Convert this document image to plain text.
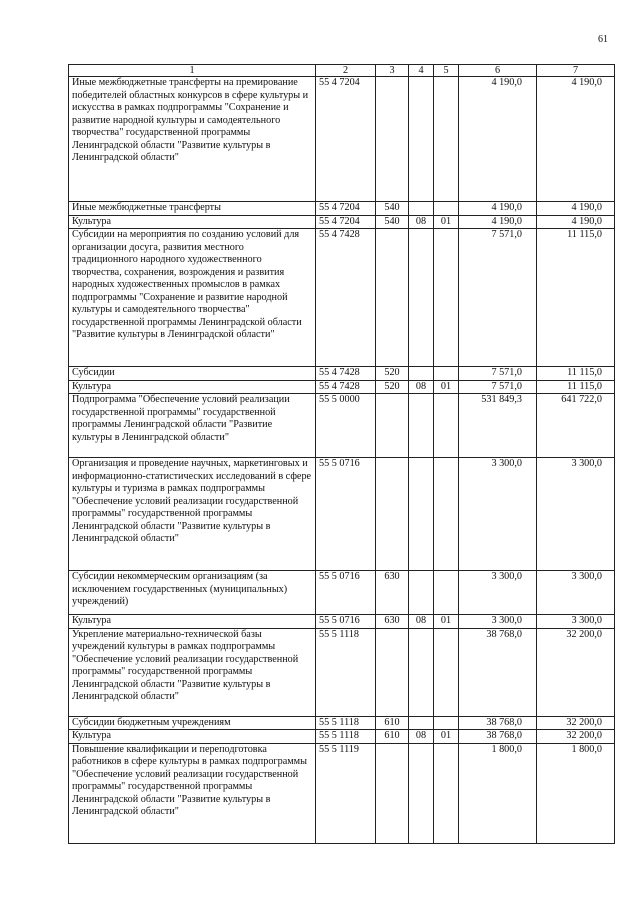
61
1	2	3	4	5	6	7
Иные межбюджетные трансферты на премирование победителей областных конкурсов в сфере культуры и искусства в рамках подпрограммы "Сохранение и развитие народной культуры и самодеятельного творчества" государственной программы Ленинградской области "Развитие культуры в Ленинградской области"	55 4 7204				4 190,0	4 190,0
Иные межбюджетные трансферты	55 4 7204	540			4 190,0	4 190,0
Культура	55 4 7204	540	08	01	4 190,0	4 190,0
Субсидии на мероприятия по созданию условий для организации досуга, развития местного традиционного народного художественного творчества, сохранения, возрождения и развития народных художественных промыслов в рамках подпрограммы "Сохранение и развитие народной культуры и самодеятельного творчества" государственной программы Ленинградской области "Развитие культуры в Ленинградской области"	55 4 7428				7 571,0	11 115,0
Субсидии	55 4 7428	520			7 571,0	11 115,0
Культура	55 4 7428	520	08	01	7 571,0	11 115,0
Подпрограмма "Обеспечение условий реализации государственной программы" государственной программы Ленинградской области "Развитие культуры в Ленинградской области"	55 5 0000				531 849,3	641 722,0
Организация и проведение научных, маркетинговых и информационно-статистических исследований в сфере культуры и туризма в рамках подпрограммы "Обеспечение условий реализации государственной программы" государственной программы Ленинградской области "Развитие культуры в Ленинградской области"	55 5 0716				3 300,0	3 300,0
Субсидии некоммерческим организациям (за исключением государственных (муниципальных) учреждений)	55 5 0716	630			3 300,0	3 300,0
Культура	55 5 0716	630	08	01	3 300,0	3 300,0
Укрепление материально-технической базы учреждений культуры в рамках подпрограммы "Обеспечение условий реализации государственной программы" государственной программы Ленинградской области "Развитие культуры в Ленинградской области"	55 5 1118				38 768,0	32 200,0
Субсидии бюджетным учреждениям	55 5 1118	610			38 768,0	32 200,0
Культура	55 5 1118	610	08	01	38 768,0	32 200,0
Повышение квалификации и переподготовка работников в сфере культуры в рамках подпрограммы "Обеспечение условий реализации государственной программы" государственной программы Ленинградской области "Развитие культуры в Ленинградской области"	55 5 1119				1 800,0	1 800,0
